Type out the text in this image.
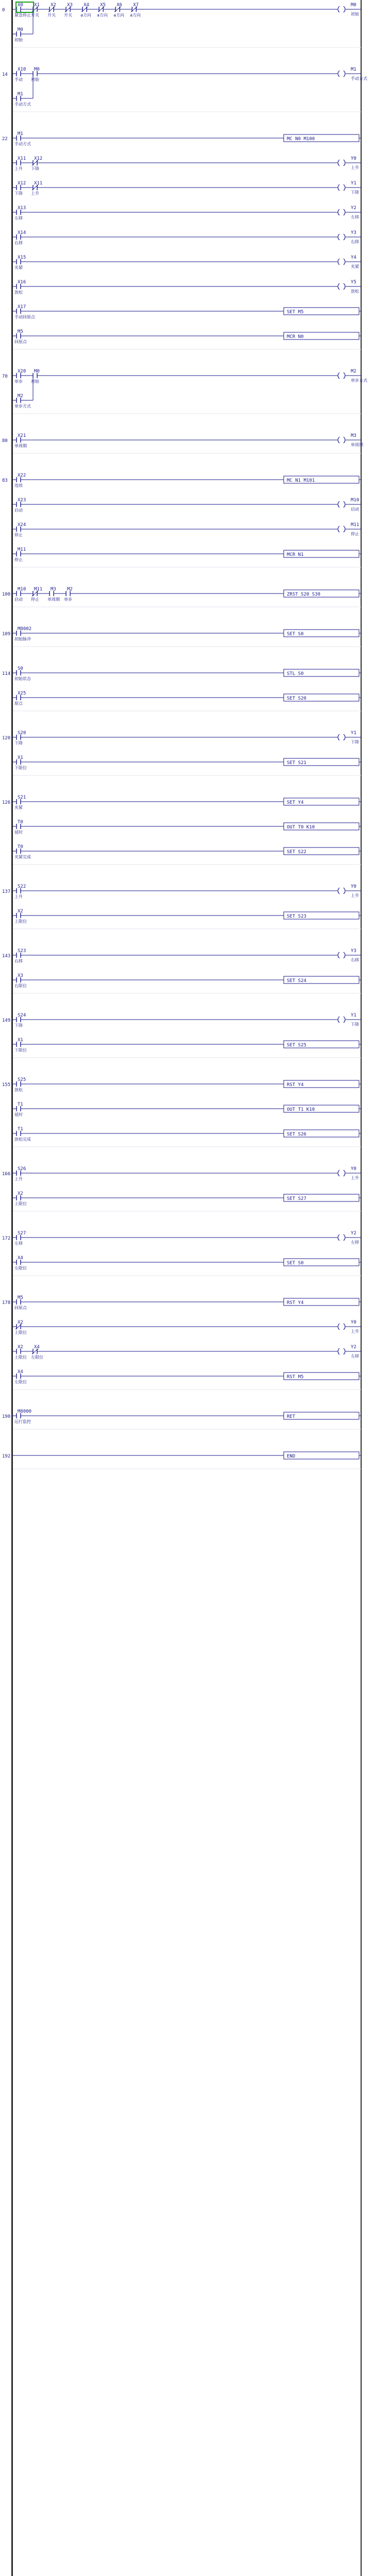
0
X0
紧急停止
X1
开关
X2
开关
X3
开关
X4
a方向
X5
a方向
X6
a方向
X7
a方向
M0
初始
M0
初始
14
X10
手动
M0
初始
M1
手动方式
M1
手动方式
22
M1
手动方式
MC N0 M100
X11
上升
X12
下降
Y0
上升
X12
下降
X11
上升
Y1
下降
X13
左移
Y2
左移
X14
右移
Y3
右移
X15
夹紧
Y4
夹紧
X16
放松
Y5
放松
X17
手动回原点
SET M5
M5
回原点
MCR N0
70
X20
单步
M0
初始
M2
单步方式
M2
单步方式
80
X21
单周期
M3
单周期
83
X22
连续
MC N1 M101
X23
启动
M10
启动
X24
停止
M11
停止
M11
停止
MCR N1
100
M10
启动
M11
停止
M3
单周期
M2
单步
ZRST S20 S30
109
M8002
初始脉冲
SET S0
114
S0
初始状态
STL S0
X25
原点
SET S20
120
S20
下降
Y1
下降
X1
下限位
SET S21
126
S21
夹紧
SET Y4
T0
延时
OUT T0 K10
T0
夹紧完成
SET S22
137
S22
上升
Y0
上升
X2
上限位
SET S23
143
S23
右移
Y3
右移
X3
右限位
SET S24
149
S24
下降
Y1
下降
X1
下限位
SET S25
155
S25
放松
RST Y4
T1
延时
OUT T1 K10
T1
放松完成
SET S26
166
S26
上升
Y0
上升
X2
上限位
SET S27
172
S27
左移
Y2
左移
X4
左限位
SET S0
178
M5
回原点
RST Y4
X2
上限位
Y0
上升
X2
上限位
X4
左限位
Y2
左移
X4
左限位
RST M5
190
M8000
运行监控
RET
192	END
